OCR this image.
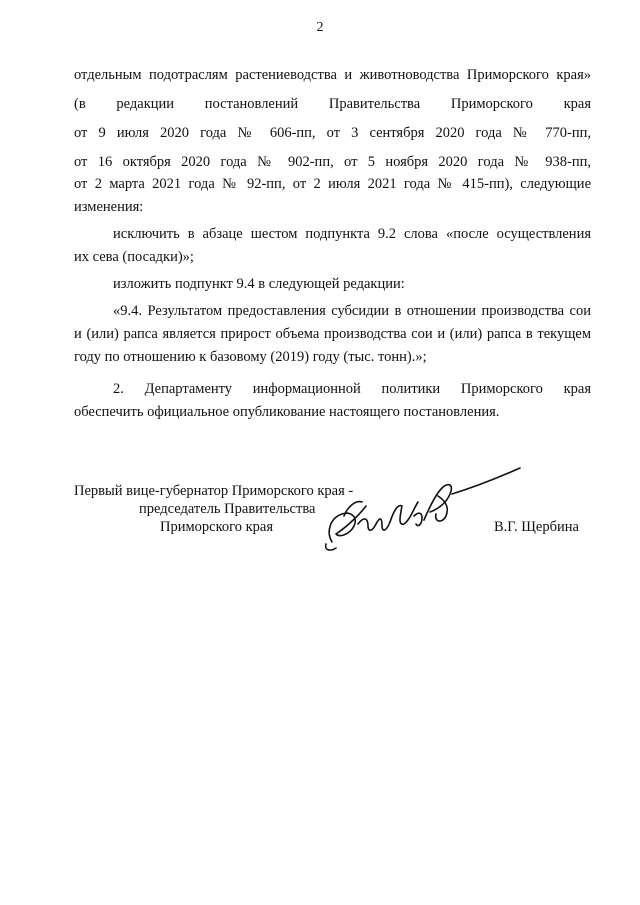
2
отдельным подотраслям растениеводства и животноводства Приморского края»
(в редакции постановлений Правительства Приморского края
от 9 июля 2020 года № 606-пп, от 3 сентября 2020 года № 770-пп,
от 16 октября 2020 года № 902-пп, от 5 ноября 2020 года № 938-пп,
от 2 марта 2021 года № 92-пп, от 2 июля 2021 года № 415-пп), следующие
изменения:
исключить в абзаце шестом подпункта 9.2 слова «после осуществления
их сева (посадки)»;
изложить подпункт 9.4 в следующей редакции:
«9.4. Результатом предоставления субсидии в отношении производства сои
и (или) рапса является прирост объема производства сои и (или) рапса в текущем
году по отношению к базовому (2019) году (тыс. тонн).»;
2. Департаменту информационной политики Приморского края
обеспечить официальное опубликование настоящего постановления.
Первый вице-губернатор Приморского края -
председатель Правительства
Приморского края	В.Г. Щербина
